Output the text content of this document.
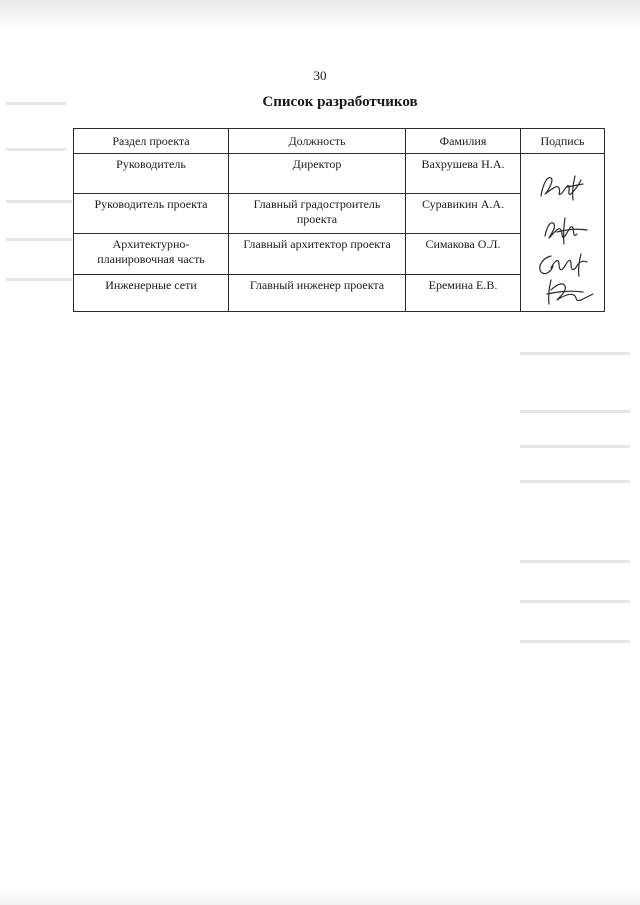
30
Список разработчиков
Раздел проекта	Должность	Фамилия	Подпись
Руководитель	Директор	Вахрушева Н.А.	

Руководитель проекта	Главный градостроитель проекта	Суравикин А.А.	
Архитектурно-планировочная часть	Главный архитектор проекта	Симакова О.Л.	
Инженерные сети	Главный инженер проекта	Еремина Е.В.	
